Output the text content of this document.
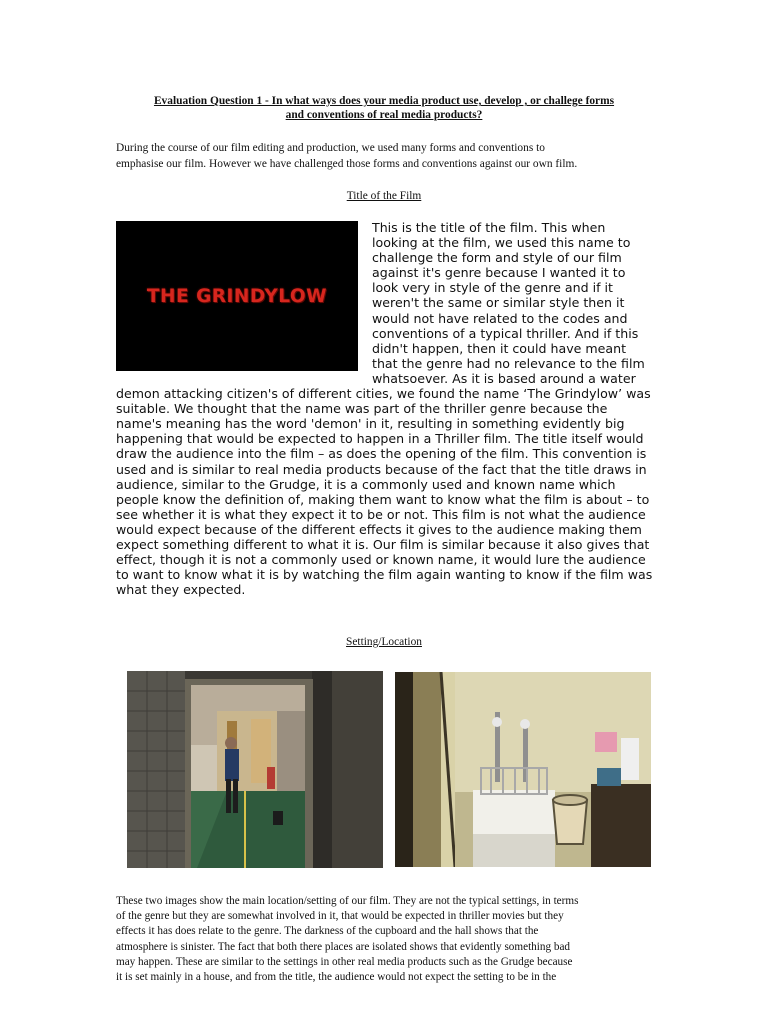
Evaluation Question 1 - In what ways does your media product use, develop , or challege forms
and conventions of real media products?
During the course of our film editing and production, we used many forms and conventions to
emphasise our film. However we have challenged those forms and conventions against our own film.
Title of the Film
THE GRINDYLOW

This is the title of the film. This when looking at the film, we used this name to challenge the form and style of our film against it's genre because I wanted it to look very in style of the genre and if it weren't the same or similar style then it would not have related to the codes and conventions of a typical thriller. And if this didn't happen, then it could have meant that the genre had no relevance to the film whatsoever. As it is based around a water demon attacking citizen's of different cities, we found the name ‘The Grindylow’ was suitable. We thought that the name was part of the thriller genre because the name's meaning has the word 'demon' in it, resulting in something evidently big happening that would be expected to happen in a Thriller film. The title itself would draw the audience into the film – as does the opening of the film. This convention is used and is similar to real media products because of the fact that the title draws in audience, similar to the Grudge, it is a commonly used and known name which people know the definition of, making them want to know what the film is about – to see whether it is what they expect it to be or not. This film is not what the audience would expect because of the different effects it gives to the audience making them expect something different to what it is. Our film is similar because it also gives that effect, though it is not a commonly used or known name, it would lure the audience to want to know what it is by watching the film again wanting to know if the film was what they expected.

Setting/Location
These two images show the main location/setting of our film. They are not the typical settings, in terms
of the genre but they are somewhat involved in it, that would be expected in thriller movies but they
effects it has does relate to the genre. The darkness of the cupboard and the hall shows that the
atmosphere is sinister. The fact that both there places are isolated shows that evidently something bad
may happen. These are similar to the settings in other real media products such as the Grudge because
it is set mainly in a house, and from the title, the audience would not expect the setting to be in the
